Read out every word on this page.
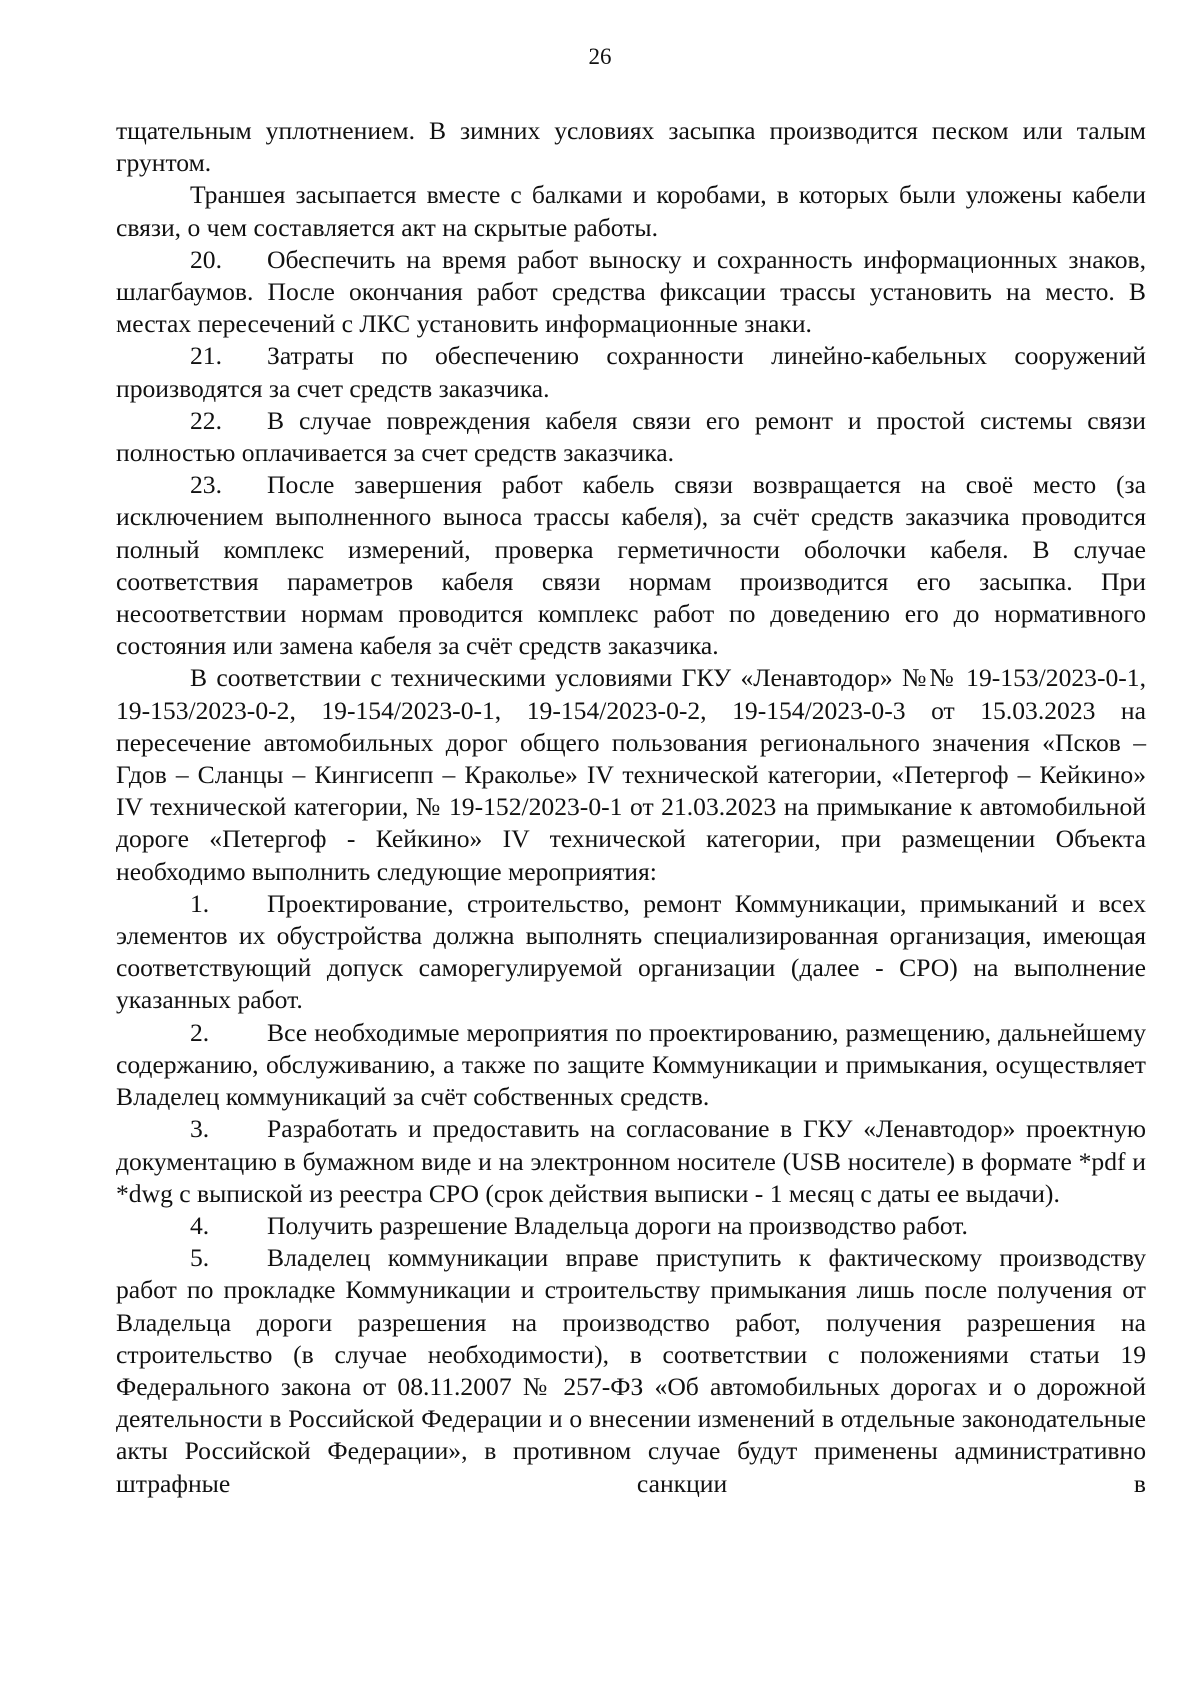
26

тщательным уплотнением. В зимних условиях засыпка производится песком или талым грунтом.

Траншея засыпается вместе с балками и коробами, в которых были уложены кабели связи, о чем составляется акт на скрытые работы.

20. Обеспечить на время работ выноску и сохранность информационных знаков, шлагбаумов. После окончания работ средства фиксации трассы установить на место. В местах пересечений с ЛКС установить информационные знаки.

21. Затраты по обеспечению сохранности линейно-кабельных сооружений производятся за счет средств заказчика.

22. В случае повреждения кабеля связи его ремонт и простой системы связи полностью оплачивается за счет средств заказчика.

23. После завершения работ кабель связи возвращается на своё место (за исключением выполненного выноса трассы кабеля), за счёт средств заказчика проводится полный комплекс измерений, проверка герметичности оболочки кабеля. В случае соответствия параметров кабеля связи нормам производится его засыпка. При несоответствии нормам проводится комплекс работ по доведению его до нормативного состояния или замена кабеля за счёт средств заказчика.

В соответствии с техническими условиями ГКУ «Ленавтодор» №№ 19-153/2023-0-1, 19-153/2023-0-2, 19-154/2023-0-1, 19-154/2023-0-2, 19-154/2023-0-3 от 15.03.2023 на пересечение автомобильных дорог общего пользования регионального значения «Псков – Гдов – Сланцы – Кингисепп – Краколье» IV технической категории, «Петергоф – Кейкино» IV технической категории, № 19-152/2023-0-1 от 21.03.2023 на примыкание к автомобильной дороге «Петергоф - Кейкино» IV технической категории, при размещении Объекта необходимо выполнить следующие мероприятия:

1. Проектирование, строительство, ремонт Коммуникации, примыканий и всех элементов их обустройства должна выполнять специализированная организация, имеющая соответствующий допуск саморегулируемой организации (далее - СРО) на выполнение указанных работ.

2. Все необходимые мероприятия по проектированию, размещению, дальнейшему содержанию, обслуживанию, а также по защите Коммуникации и примыкания, осуществляет Владелец коммуникаций за счёт собственных средств.

3. Разработать и предоставить на согласование в ГКУ «Ленавтодор» проектную документацию в бумажном виде и на электронном носителе (USB носителе) в формате *pdf и *dwg с выпиской из реестра СРО (срок действия выписки - 1 месяц с даты ее выдачи).

4. Получить разрешение Владельца дороги на производство работ.

5. Владелец коммуникации вправе приступить к фактическому производству работ по прокладке Коммуникации и строительству примыкания лишь после получения от Владельца дороги разрешения на производство работ, получения разрешения на строительство (в случае необходимости), в соответствии с положениями статьи 19 Федерального закона от 08.11.2007 № 257-ФЗ «Об автомобильных дорогах и о дорожной деятельности в Российской Федерации и о внесении изменений в отдельные законодательные акты Российской Федерации», в противном случае будут применены административно штрафные санкции в
